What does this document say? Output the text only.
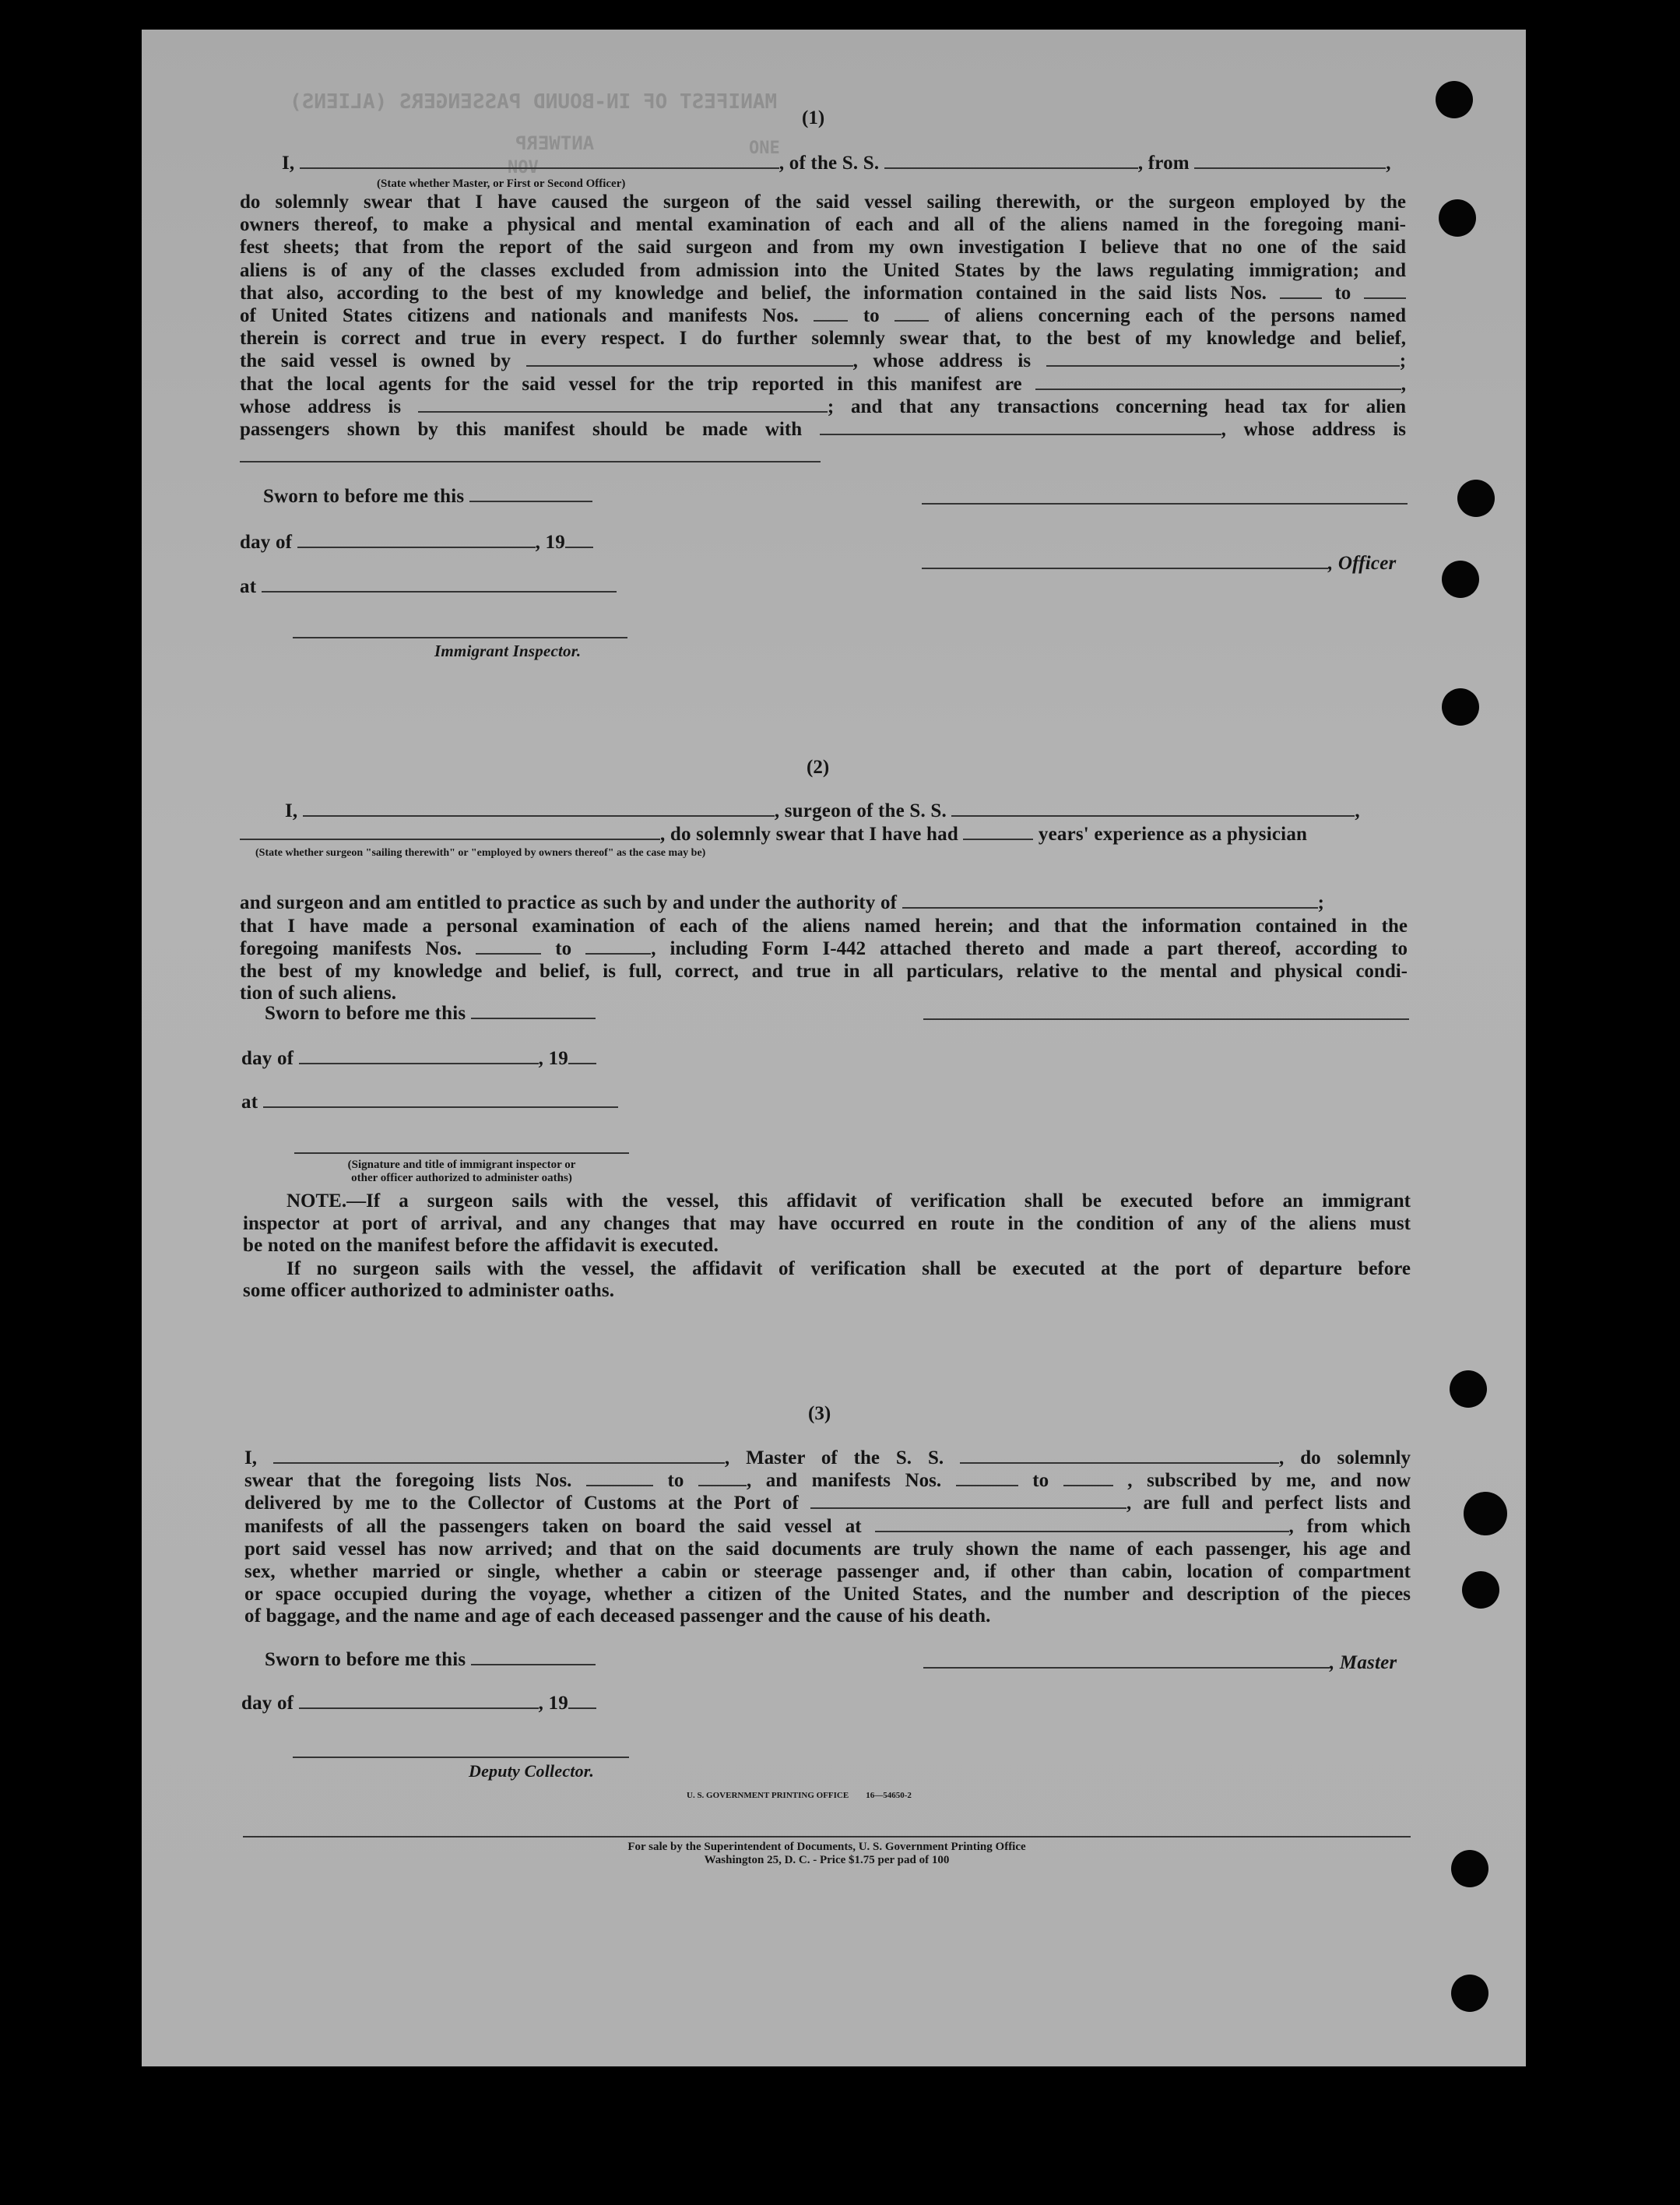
MANIFEST OF IN-BOUND PASSENGERS (ALIENS)
ONE
ANTWERP
NOV
(1)
I,	, of the S. S.	, from	,
(State whether Master, or First or Second Officer)
do solemnly swear that I have caused the surgeon of the said vessel sailing therewith, or the surgeon employed by the
owners thereof, to make a physical and mental examination of each and all of the aliens named in the foregoing mani-
fest sheets; that from the report of the said surgeon and from my own investigation I believe that no one of the said
aliens is of any of the classes excluded from admission into the United States by the laws regulating immigration; and
that also, according to the best of my knowledge and belief, the information contained in the said lists Nos.	to
of United States citizens and nationals and manifests Nos.	to	of aliens concerning each of the persons named
therein is correct and true in every respect. I do further solemnly swear that, to the best of my knowledge and belief,
the said vessel is owned by	, whose address is	;
that the local agents for the said vessel for the trip reported in this manifest are	,
whose address is	; and that any transactions concerning head tax for alien
passengers shown by this manifest should be made with	, whose address is
Sworn to before me this
day of	, 19
, Officer
at
Immigrant Inspector.
(2)
I,	, surgeon of the S. S.	,
, do solemnly swear that I have had	years' experience as a physician
(State whether surgeon "sailing therewith" or "employed by owners thereof" as the case may be)
and surgeon and am entitled to practice as such by and under the authority of	;
that I have made a personal examination of each of the aliens named herein; and that the information contained in the
foregoing manifests Nos.	to	, including Form I-442 attached thereto and made a part thereof, according to
the best of my knowledge and belief, is full, correct, and true in all particulars, relative to the mental and physical condi-
tion of such aliens.
Sworn to before me this
day of	, 19
at
(Signature and title of immigrant inspector or
other officer authorized to administer oaths)
NOTE.—If a surgeon sails with the vessel, this affidavit of verification shall be executed before an immigrant
inspector at port of arrival, and any changes that may have occurred en route in the condition of any of the aliens must
be noted on the manifest before the affidavit is executed.
If no surgeon sails with the vessel, the affidavit of verification shall be executed at the port of departure before
some officer authorized to administer oaths.
(3)
I,	, Master of the S. S.	, do solemnly
swear that the foregoing lists Nos.	to	, and manifests Nos.	to	, subscribed by me, and now
delivered by me to the Collector of Customs at the Port of	, are full and perfect lists and
manifests of all the passengers taken on board the said vessel at	, from which
port said vessel has now arrived; and that on the said documents are truly shown the name of each passenger, his age and
sex, whether married or single, whether a cabin or steerage passenger and, if other than cabin, location of compartment
or space occupied during the voyage, whether a citizen of the United States, and the number and description of the pieces
of baggage, and the name and age of each deceased passenger and the cause of his death.
Sworn to before me this	, Master
day of	, 19
Deputy Collector.
U. S. GOVERNMENT PRINTING OFFICE 16—54650-2
For sale by the Superintendent of Documents, U. S. Government Printing Office
Washington 25, D. C. - Price $1.75 per pad of 100
